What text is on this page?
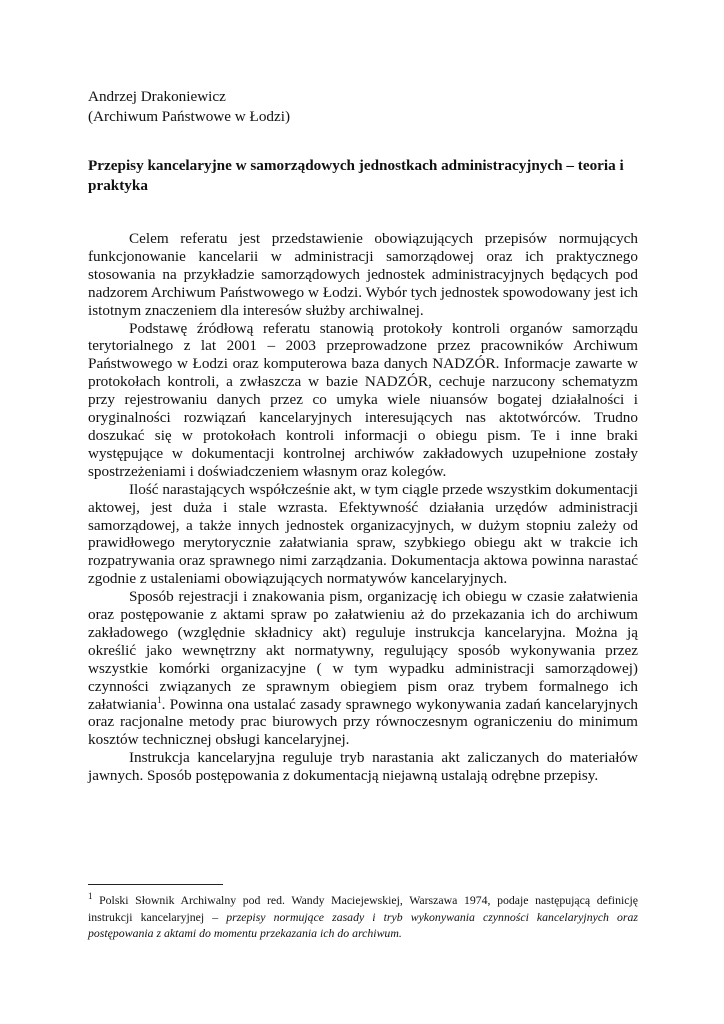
Andrzej Drakoniewicz
(Archiwum Państwowe w Łodzi)
Przepisy kancelaryjne w samorządowych jednostkach administracyjnych – teoria i praktyka

Celem referatu jest przedstawienie obowiązujących przepisów normujących funkcjonowanie kancelarii w administracji samorządowej oraz ich praktycznego stosowania na przykładzie samorządowych jednostek administracyjnych będących pod nadzorem Archiwum Państwowego w Łodzi. Wybór tych jednostek spowodowany jest ich istotnym znaczeniem dla interesów służby archiwalnej.

Podstawę źródłową referatu stanowią protokoły kontroli organów samorządu terytorialnego z lat 2001 – 2003 przeprowadzone przez pracowników Archiwum Państwowego w Łodzi oraz komputerowa baza danych NADZÓR. Informacje zawarte w protokołach kontroli, a zwłaszcza w bazie NADZÓR, cechuje narzucony schematyzm przy rejestrowaniu danych przez co umyka wiele niuansów bogatej działalności i oryginalności rozwiązań kancelaryjnych interesujących nas aktotwórców. Trudno doszukać się w protokołach kontroli informacji o obiegu pism. Te i inne braki występujące w dokumentacji kontrolnej archiwów zakładowych uzupełnione zostały spostrzeżeniami i doświadczeniem własnym oraz kolegów.

Ilość narastających współcześnie akt, w tym ciągle przede wszystkim dokumentacji aktowej, jest duża i stale wzrasta. Efektywność działania urzędów administracji samorządowej, a także innych jednostek organizacyjnych, w dużym stopniu zależy od prawidłowego merytorycznie załatwiania spraw, szybkiego obiegu akt w trakcie ich rozpatrywania oraz sprawnego nimi zarządzania. Dokumentacja aktowa powinna narastać zgodnie z ustaleniami obowiązujących normatywów kancelaryjnych.

Sposób rejestracji i znakowania pism, organizację ich obiegu w czasie załatwienia oraz postępowanie z aktami spraw po załatwieniu aż do przekazania ich do archiwum zakładowego (względnie składnicy akt) reguluje instrukcja kancelaryjna. Można ją określić jako wewnętrzny akt normatywny, regulujący sposób wykonywania przez wszystkie komórki organizacyjne ( w tym wypadku administracji samorządowej) czynności związanych ze sprawnym obiegiem pism oraz trybem formalnego ich załatwiania$^1$. Powinna ona ustalać zasady sprawnego wykonywania zadań kancelaryjnych oraz racjonalne metody prac biurowych przy równoczesnym ograniczeniu do minimum kosztów technicznej obsługi kancelaryjnej.

Instrukcja kancelaryjna reguluje tryb narastania akt zaliczanych do materiałów jawnych. Sposób postępowania z dokumentacją niejawną ustalają odrębne przepisy.

$^1$ Polski Słownik Archiwalny pod red. Wandy Maciejewskiej, Warszawa 1974, podaje następującą definicję instrukcji kancelaryjnej – przepisy normujące zasady i tryb wykonywania czynności kancelaryjnych oraz postępowania z aktami do momentu przekazania ich do archiwum.
